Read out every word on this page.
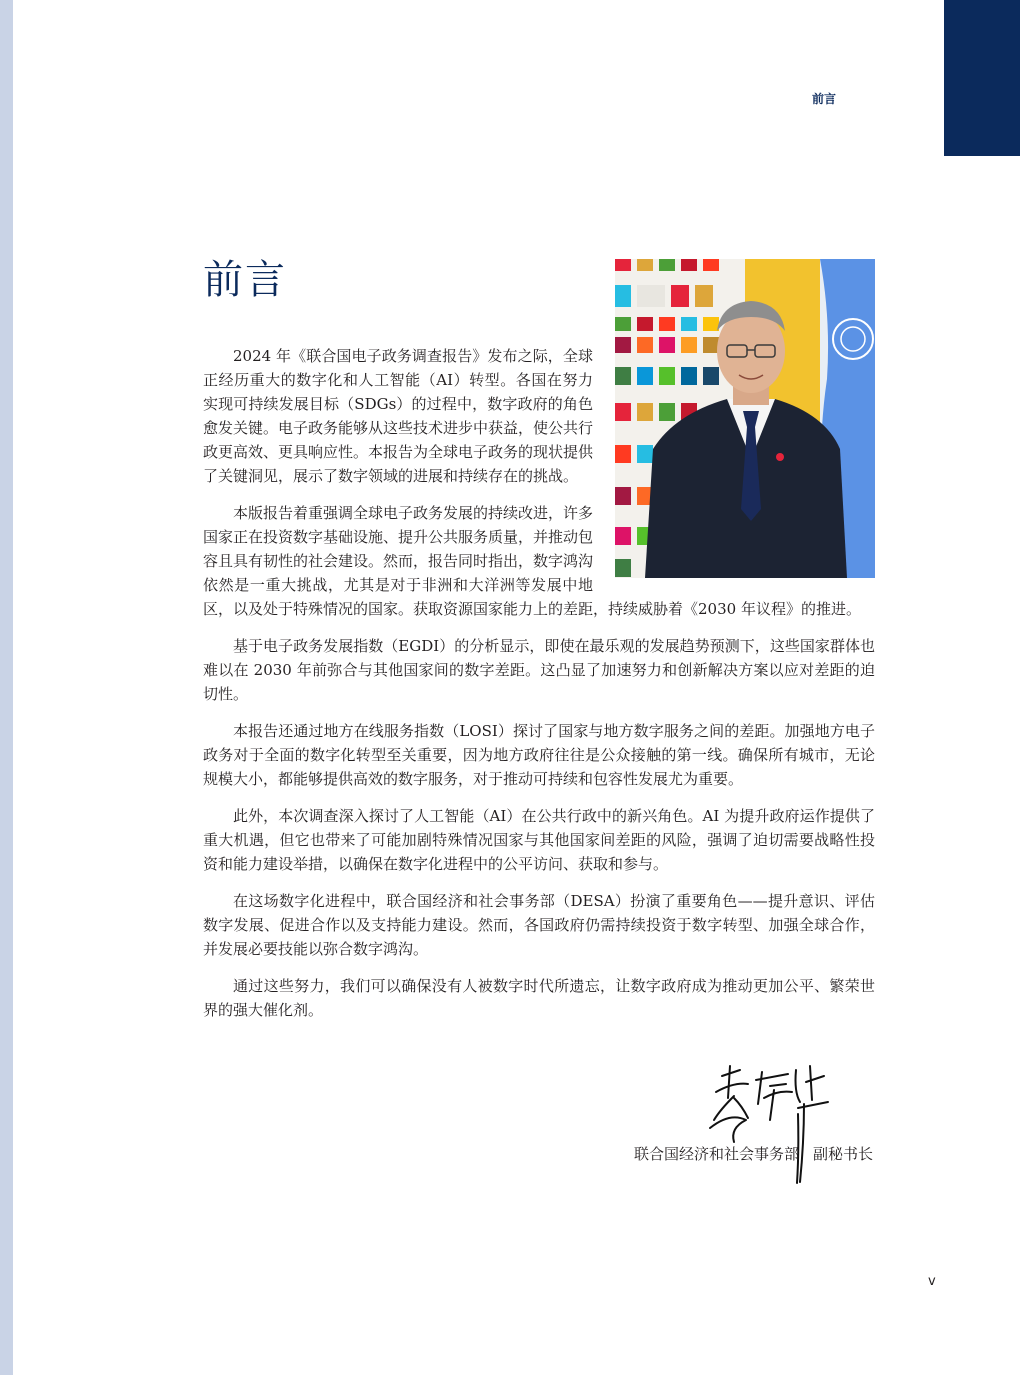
前言
前言

2024 年《联合国电子政务调查报告》发布之际，全球正经历重大的数字化和人工智能（AI）转型。各国在努力实现可持续发展目标（SDGs）的过程中，数字政府的角色愈发关键。电子政务能够从这些技术进步中获益，使公共行政更高效、更具响应性。本报告为全球电子政务的现状提供了关键洞见，展示了数字领域的进展和持续存在的挑战。

本版报告着重强调全球电子政务发展的持续改进，许多国家正在投资数字基础设施、提升公共服务质量，并推动包容且具有韧性的社会建设。然而，报告同时指出，数字鸿沟依然是一重大挑战，尤其是对于非洲和大洋洲等发展中地区，以及处于特殊情况的国家。获取资源国家能力上的差距，持续威胁着《2030 年议程》的推进。

基于电子政务发展指数（EGDI）的分析显示，即使在最乐观的发展趋势预测下，这些国家群体也难以在 2030 年前弥合与其他国家间的数字差距。这凸显了加速努力和创新解决方案以应对差距的迫切性。

本报告还通过地方在线服务指数（LOSI）探讨了国家与地方数字服务之间的差距。加强地方电子政务对于全面的数字化转型至关重要，因为地方政府往往是公众接触的第一线。确保所有城市，无论规模大小，都能够提供高效的数字服务，对于推动可持续和包容性发展尤为重要。

此外，本次调查深入探讨了人工智能（AI）在公共行政中的新兴角色。AI 为提升政府运作提供了重大机遇，但它也带来了可能加剧特殊情况国家与其他国家间差距的风险，强调了迫切需要战略性投资和能力建设举措，以确保在数字化进程中的公平访问、获取和参与。

在这场数字化进程中，联合国经济和社会事务部（DESA）扮演了重要角色——提升意识、评估数字发展、促进合作以及支持能力建设。然而，各国政府仍需持续投资于数字转型、加强全球合作，并发展必要技能以弥合数字鸿沟。

通过这些努力，我们可以确保没有人被数字时代所遗忘，让数字政府成为推动更加公平、繁荣世界的强大催化剂。

联合国经济和社会事务部 副秘书长
v
